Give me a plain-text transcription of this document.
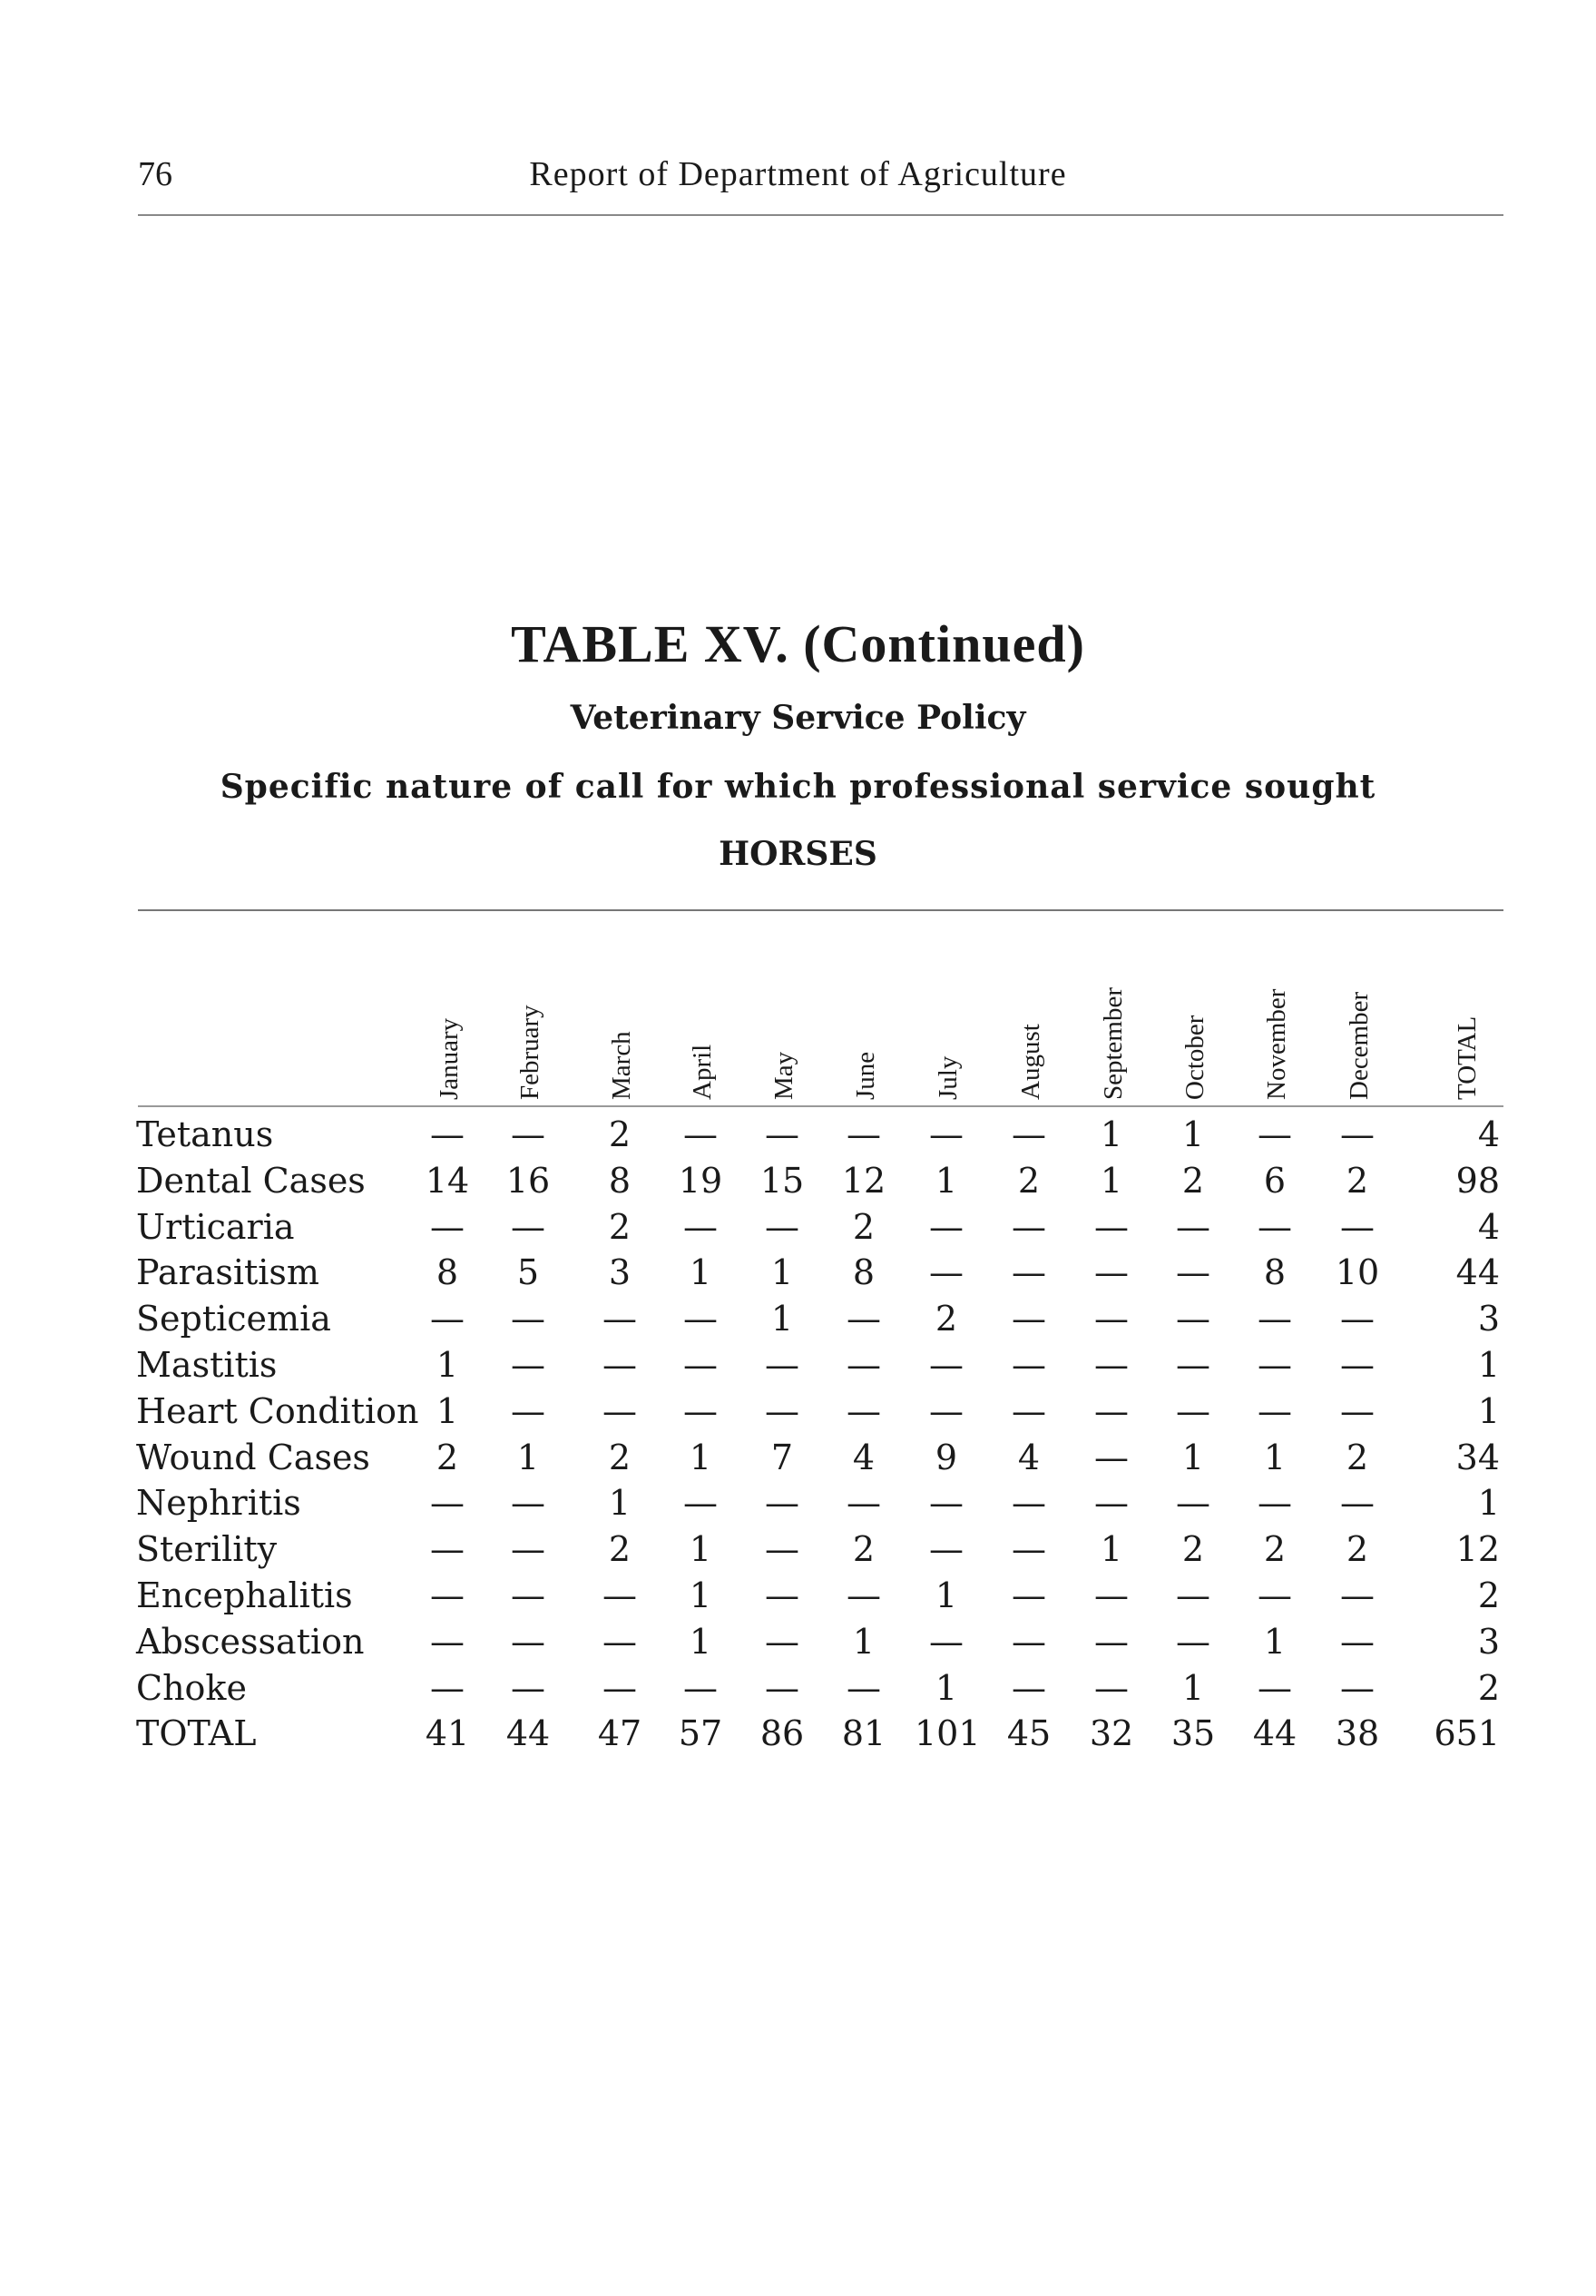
76	Report of Department of Agriculture
TABLE XV. (Continued)
Veterinary Service Policy
Specific nature of call for which professional service sought
HORSES
January February March April May June July August September October November December	TOTAL
Tetanus	—	—	2	—	—	—	—	—	1	1	—	—	4
Dental Cases 14 16	8	19 15 12	1	2	1	2	6	2	98
Urticaria	—	—	2	—	—	2	—	—	—	—	—	—	4
Parasitism	8	5	3	1	1	8	—	—	—	—	8	10	44
Septicemia	—	—	—	—	1	—	2	—	—	—	—	—	3
Mastitis	1	—	—	—	—	—	—	—	—	—	—	—	1
Heart Condition 1	—	—	—	—	—	—	—	—	—	—	—	1
Wound Cases	2	1	2	1	7	4	9	4	—	1	1	2	34
Nephritis	—	—	1	—	—	—	—	—	—	—	—	—	1
Sterility	—	—	2	1	—	2	—	—	1	2	2	2	12
Encephalitis	—	—	—	1	—	—	1	—	—	—	—	—	2
Abscessation	—	—	—	1	—	1	—	—	—	—	1	—	3
Choke	—	—	—	—	—	—	1	—	—	1	—	—	2
TOTAL	41 44 47 57 86 81 101 45 32 35 44 38	651
